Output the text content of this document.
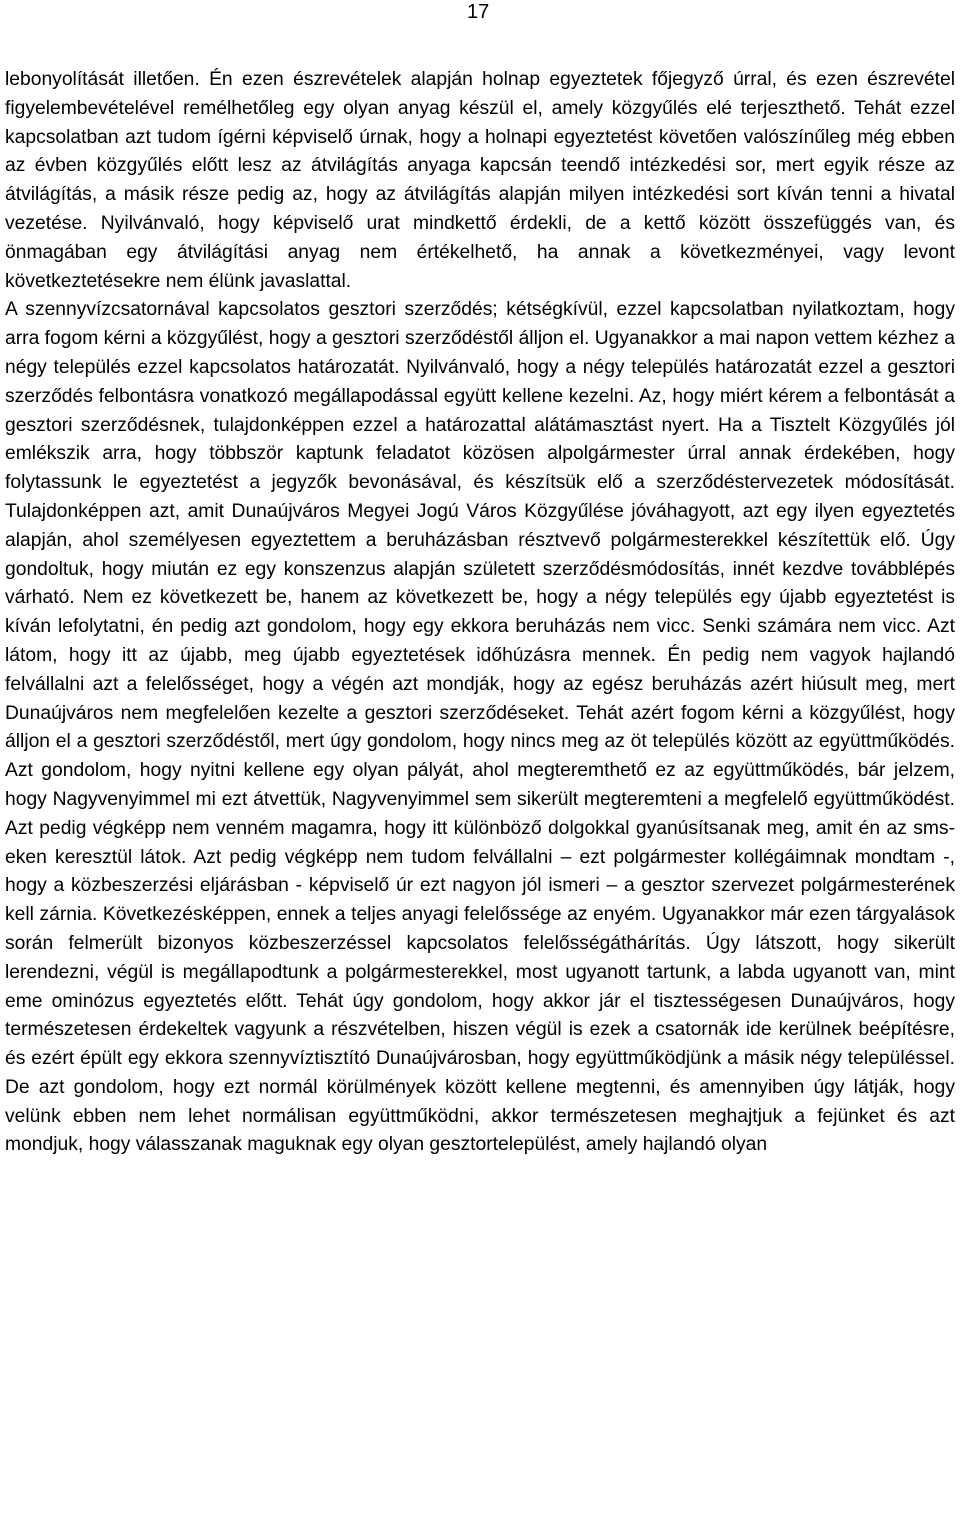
17

lebonyolítását illetően. Én ezen észrevételek alapján holnap egyeztetek főjegyző úrral, és ezen észrevétel figyelembevételével remélhetőleg egy olyan anyag készül el, amely közgyűlés elé terjeszthető. Tehát ezzel kapcsolatban azt tudom ígérni képviselő úrnak, hogy a holnapi egyeztetést követően valószínűleg még ebben az évben közgyűlés előtt lesz az átvilágítás anyaga kapcsán teendő intézkedési sor, mert egyik része az átvilágítás, a másik része pedig az, hogy az átvilágítás alapján milyen intézkedési sort kíván tenni a hivatal vezetése. Nyilvánvaló, hogy képviselő urat mindkettő érdekli, de a kettő között összefüggés van, és önmagában egy átvilágítási anyag nem értékelhető, ha annak a következményei, vagy levont következtetésekre nem élünk javaslattal.

A szennyvízcsatornával kapcsolatos gesztori szerződés; kétségkívül, ezzel kapcsolatban nyilatkoztam, hogy arra fogom kérni a közgyűlést, hogy a gesztori szerződéstől álljon el. Ugyanakkor a mai napon vettem kézhez a négy település ezzel kapcsolatos határozatát. Nyilvánvaló, hogy a négy település határozatát ezzel a gesztori szerződés felbontásra vonatkozó megállapodással együtt kellene kezelni. Az, hogy miért kérem a felbontását a gesztori szerződésnek, tulajdonképpen ezzel a határozattal alátámasztást nyert. Ha a Tisztelt Közgyűlés jól emlékszik arra, hogy többször kaptunk feladatot közösen alpolgármester úrral annak érdekében, hogy folytassunk le egyeztetést a jegyzők bevonásával, és készítsük elő a szerződéstervezetek módosítását. Tulajdonképpen azt, amit Dunaújváros Megyei Jogú Város Közgyűlése jóváhagyott, azt egy ilyen egyeztetés alapján, ahol személyesen egyeztettem a beruházásban résztvevő polgármesterekkel készítettük elő. Úgy gondoltuk, hogy miután ez egy konszenzus alapján született szerződésmódosítás, innét kezdve továbblépés várható. Nem ez következett be, hanem az következett be, hogy a négy település egy újabb egyeztetést is kíván lefolytatni, én pedig azt gondolom, hogy egy ekkora beruházás nem vicc. Senki számára nem vicc. Azt látom, hogy itt az újabb, meg újabb egyeztetések időhúzásra mennek. Én pedig nem vagyok hajlandó felvállalni azt a felelősséget, hogy a végén azt mondják, hogy az egész beruházás azért hiúsult meg, mert Dunaújváros nem megfelelően kezelte a gesztori szerződéseket. Tehát azért fogom kérni a közgyűlést, hogy álljon el a gesztori szerződéstől, mert úgy gondolom, hogy nincs meg az öt település között az együttműködés. Azt gondolom, hogy nyitni kellene egy olyan pályát, ahol megteremthető ez az együttműködés, bár jelzem, hogy Nagyvenyimmel mi ezt átvettük, Nagyvenyimmel sem sikerült megteremteni a megfelelő együttműködést. Azt pedig végképp nem venném magamra, hogy itt különböző dolgokkal gyanúsítsanak meg, amit én az sms-eken keresztül látok. Azt pedig végképp nem tudom felvállalni – ezt polgármester kollégáimnak mondtam -, hogy a közbeszerzési eljárásban - képviselő úr ezt nagyon jól ismeri – a gesztor szervezet polgármesterének kell zárnia. Következésképpen, ennek a teljes anyagi felelőssége az enyém. Ugyanakkor már ezen tárgyalások során felmerült bizonyos közbeszerzéssel kapcsolatos felelősségáthárítás. Úgy látszott, hogy sikerült lerendezni, végül is megállapodtunk a polgármesterekkel, most ugyanott tartunk, a labda ugyanott van, mint eme ominózus egyeztetés előtt. Tehát úgy gondolom, hogy akkor jár el tisztességesen Dunaújváros, hogy természetesen érdekeltek vagyunk a részvételben, hiszen végül is ezek a csatornák ide kerülnek beépítésre, és ezért épült egy ekkora szennyvíztisztító Dunaújvárosban, hogy együttműködjünk a másik négy településsel. De azt gondolom, hogy ezt normál körülmények között kellene megtenni, és amennyiben úgy látják, hogy velünk ebben nem lehet normálisan együttműködni, akkor természetesen meghajtjuk a fejünket és azt mondjuk, hogy válasszanak maguknak egy olyan gesztortelepülést, amely hajlandó olyan
